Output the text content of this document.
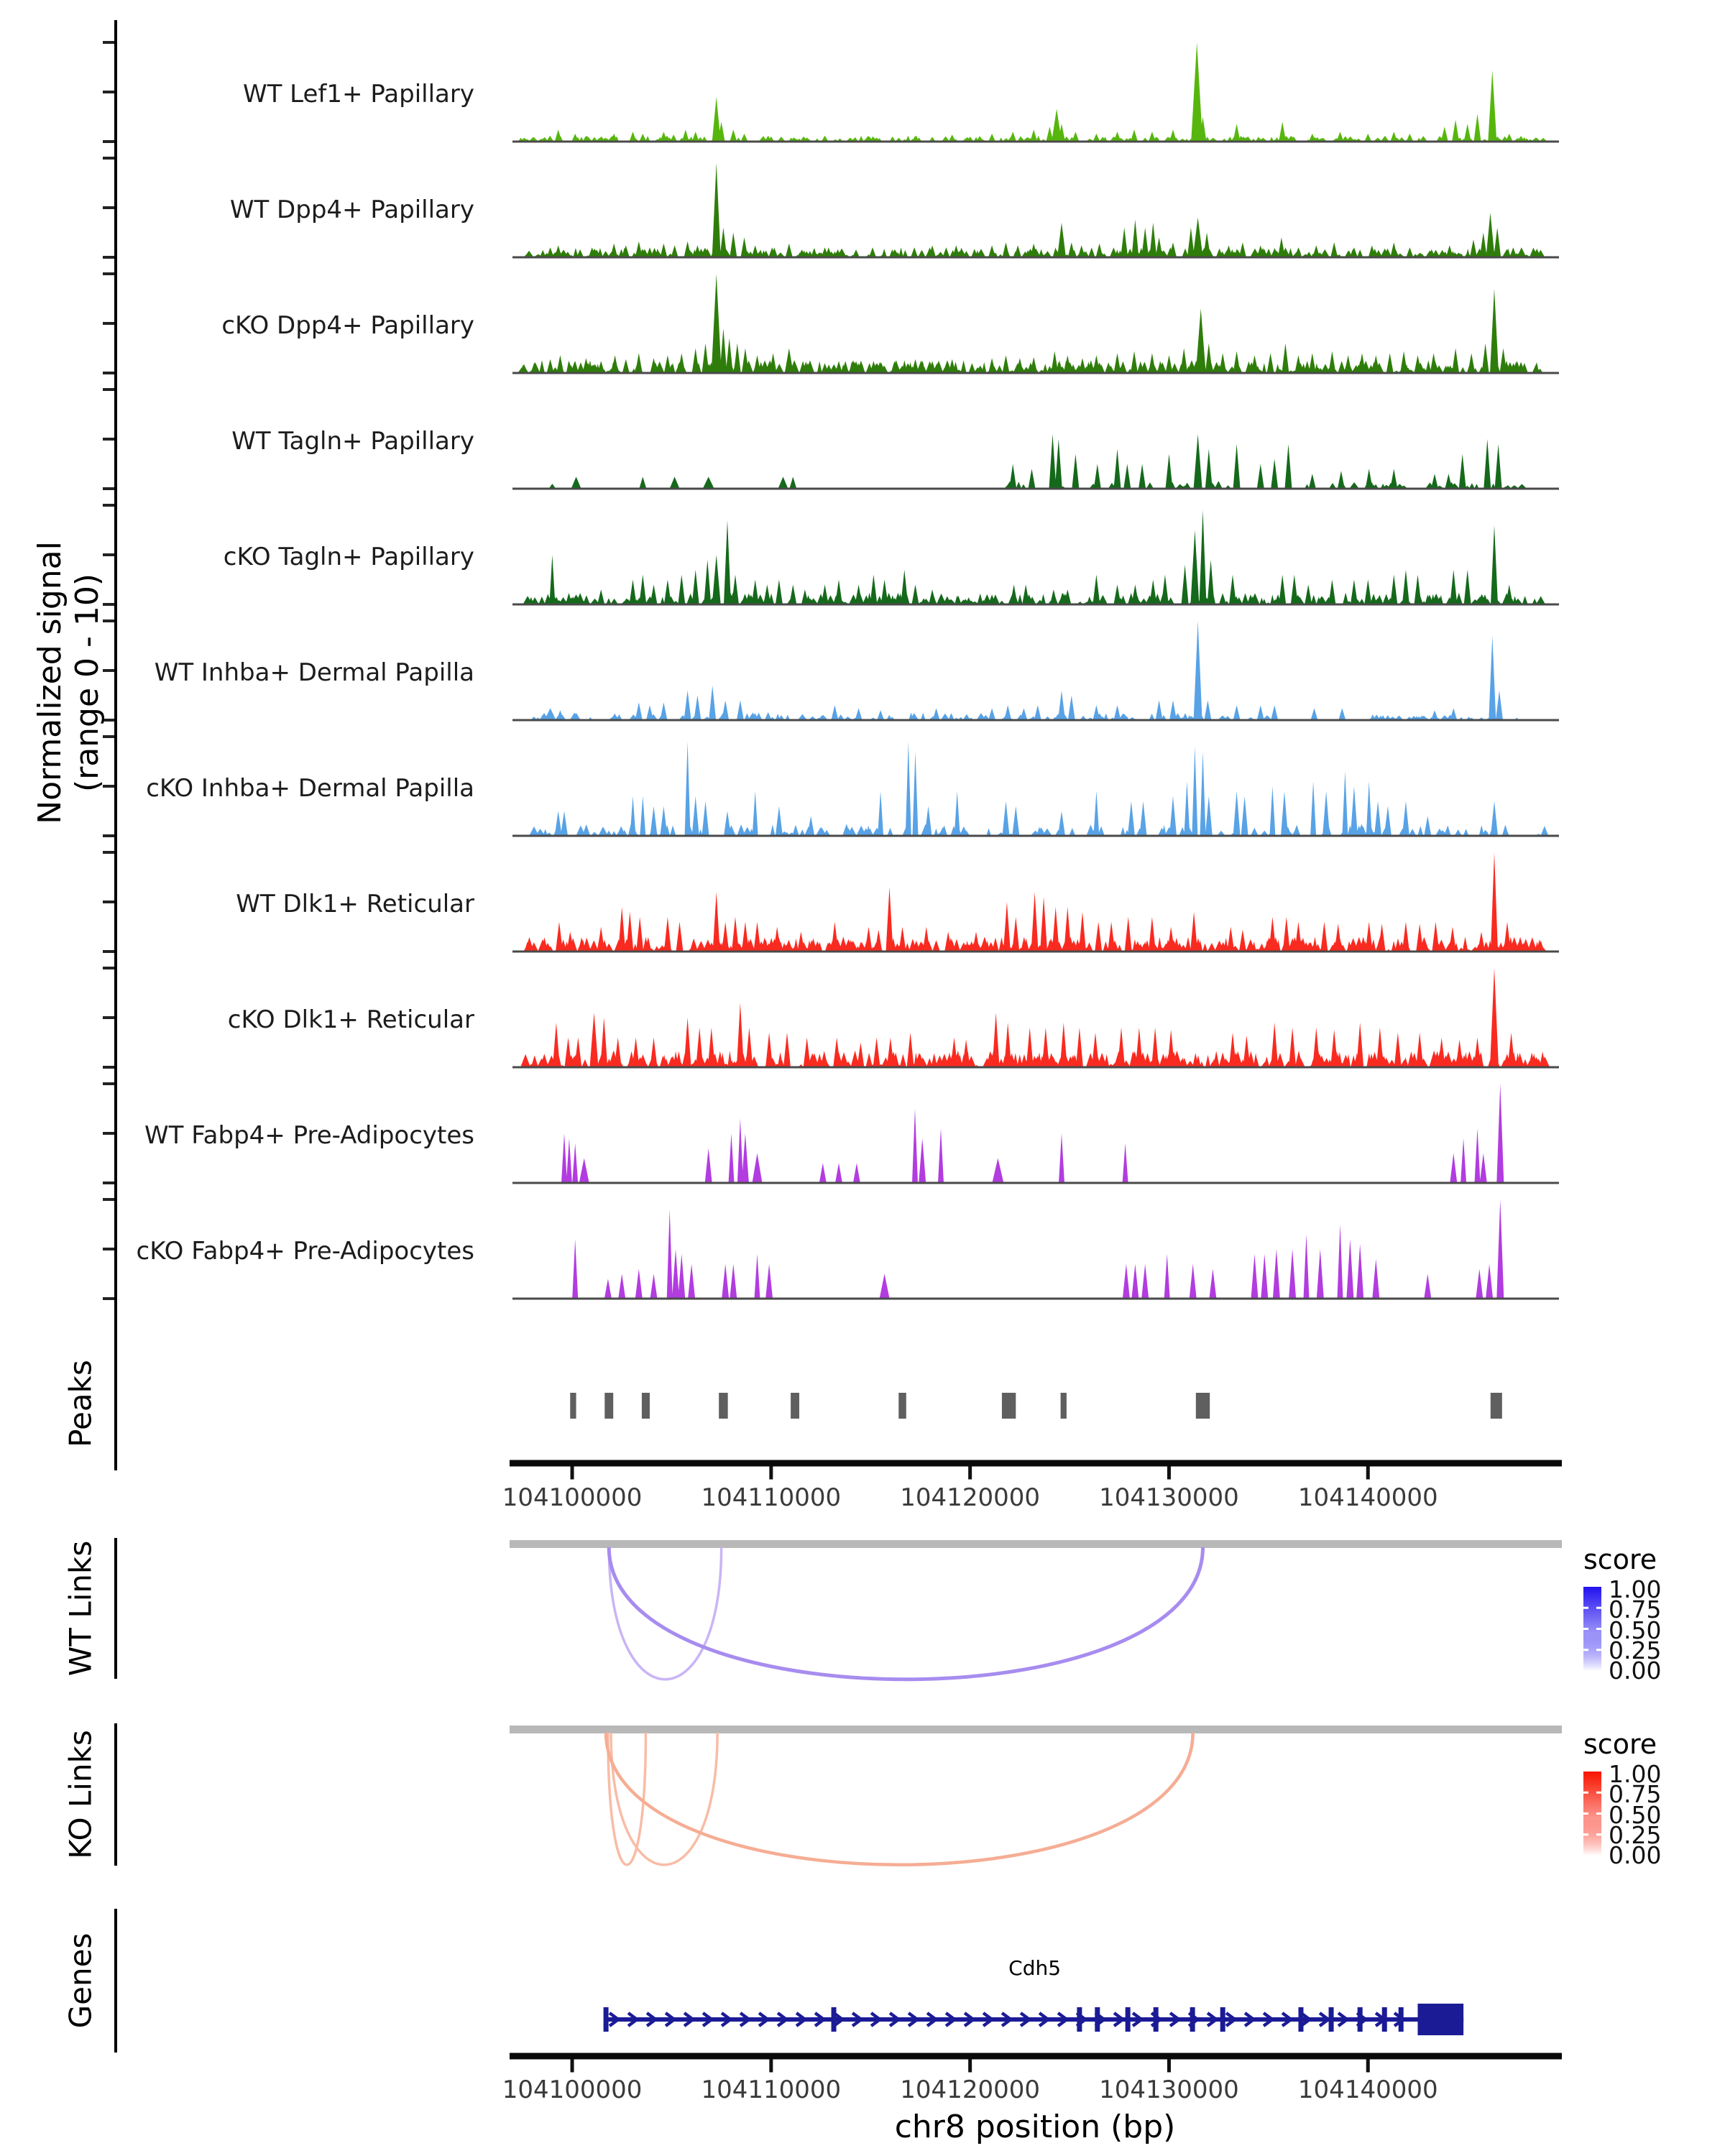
Normalized signal (range 0 - 10)
Peaks
WT Links
KO Links
Genes
WT Lef1+ Papillary
WT Dpp4+ Papillary
cKO Dpp4+ Papillary
WT Tagln+ Papillary
cKO Tagln+ Papillary
WT Inhba+ Dermal Papilla
cKO Inhba+ Dermal Papilla
WT Dlk1+ Reticular
cKO Dlk1+ Reticular
WT Fabp4+ Pre-Adipocytes
cKO Fabp4+ Pre-Adipocytes
104100000	104110000	104120000	104130000	104140000
104100000	104110000	104120000	104130000	104140000
chr8 position (bp)
score
1.00
0.75
0.50
0.25
0.00
score
1.00
0.75
0.50
0.25
0.00
Cdh5
